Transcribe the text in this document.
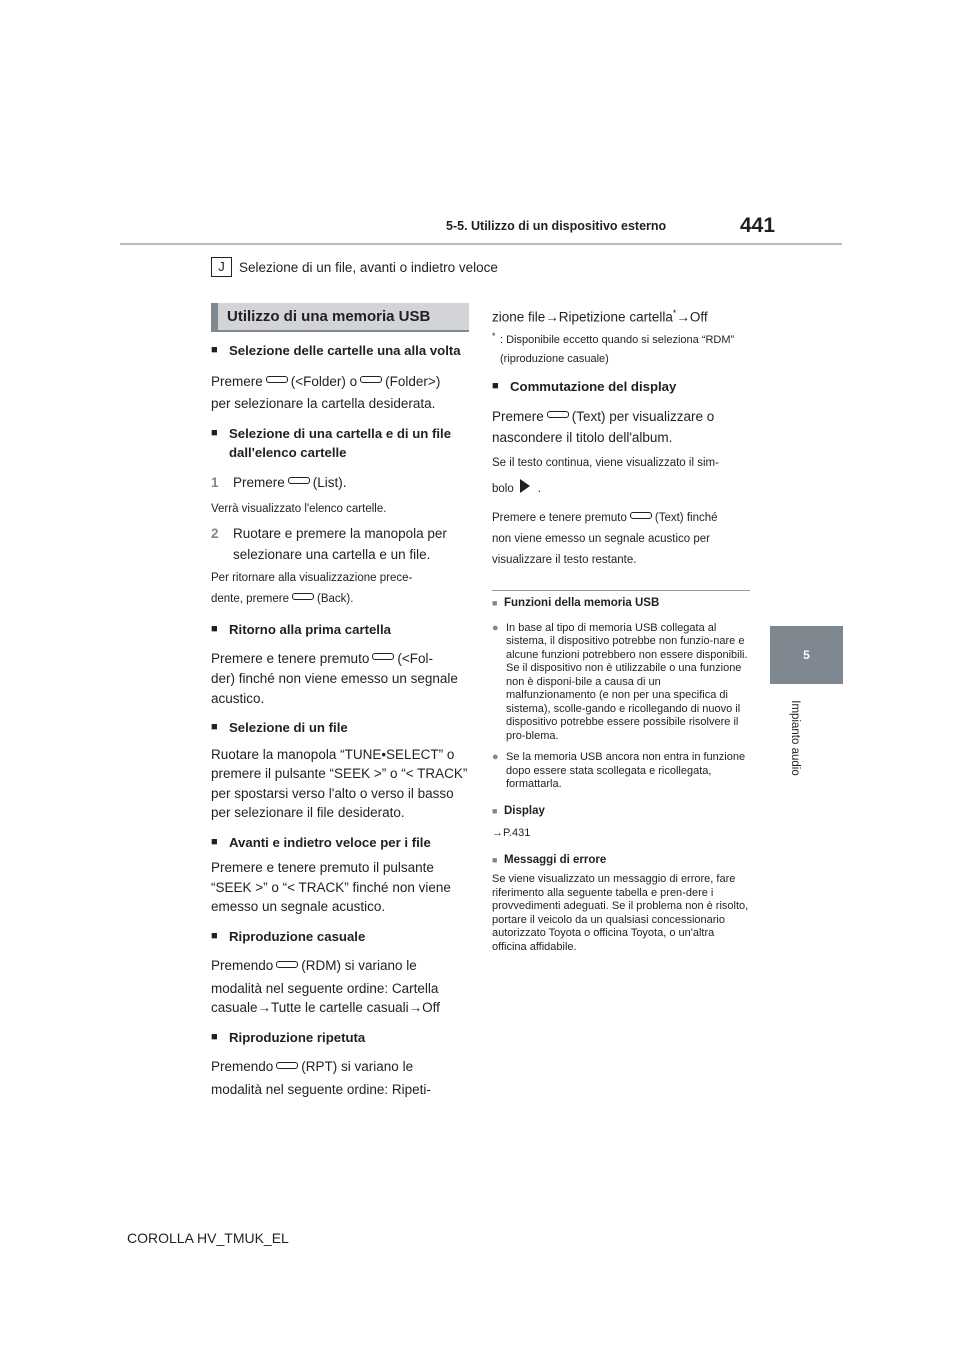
5-5. Utilizzo di un dispositivo esterno	441
5
Impianto audio
J	Selezione di un file, avanti o indietro veloce
Utilizzo di una memoria USB

■ Selezione delle cartelle una alla volta

Premere (<Folder) o (Folder>)

per selezionare la cartella desiderata.

■ Selezione di una cartella e di un file dall'elenco cartelle

1 Premere (List).

Verrà visualizzato l'elenco cartelle.

2 Ruotare e premere la manopola per selezionare una cartella e un file.

Per ritornare alla visualizzazione prece-

dente, premere (Back).

■ Ritorno alla prima cartella

Premere e tenere premuto (<Fol-

der) finché non viene emesso un segnale acustico.

■ Selezione di un file

Ruotare la manopola “TUNE•SELECT” o premere il pulsante “SEEK >” o “< TRACK” per spostarsi verso l'alto o verso il basso per selezionare il file desiderato.

■ Avanti e indietro veloce per i file

Premere e tenere premuto il pulsante “SEEK >” o “< TRACK” finché non viene emesso un segnale acustico.

■ Riproduzione casuale

Premendo (RDM) si variano le

modalità nel seguente ordine: Cartella casuale→Tutte le cartelle casuali→Off

■ Riproduzione ripetuta

Premendo (RPT) si variano le

modalità nel seguente ordine: Ripeti-

zione file→Ripetizione cartella*→Off

* : Disponibile eccetto quando si seleziona “RDM” (riproduzione casuale)

■ Commutazione del display

Premere (Text) per visualizzare o nascondere il titolo dell'album.

Se il testo continua, viene visualizzato il sim-

bolo .

Premere e tenere premuto (Text) finché

non viene emesso un segnale acustico per visualizzare il testo restante.

■ Funzioni della memoria USB

● In base al tipo di memoria USB collegata al sistema, il dispositivo potrebbe non funzio-nare e alcune funzioni potrebbero non essere disponibili. Se il dispositivo non è utilizzabile o una funzione non è disponi-bile a causa di un malfunzionamento (e non per una specifica di sistema), scolle-gando e ricollegando di nuovo il dispositivo potrebbe essere possibile risolvere il pro-blema.

● Se la memoria USB ancora non entra in funzione dopo essere stata scollegata e ricollegata, formattarla.

■ Display

→P.431

■ Messaggi di errore

Se viene visualizzato un messaggio di errore, fare riferimento alla seguente tabella e pren-dere i provvedimenti adeguati. Se il problema non è risolto, portare il veicolo da un qualsiasi concessionario autorizzato Toyota o officina Toyota, o un'altra officina affidabile.

COROLLA HV_TMUK_EL
